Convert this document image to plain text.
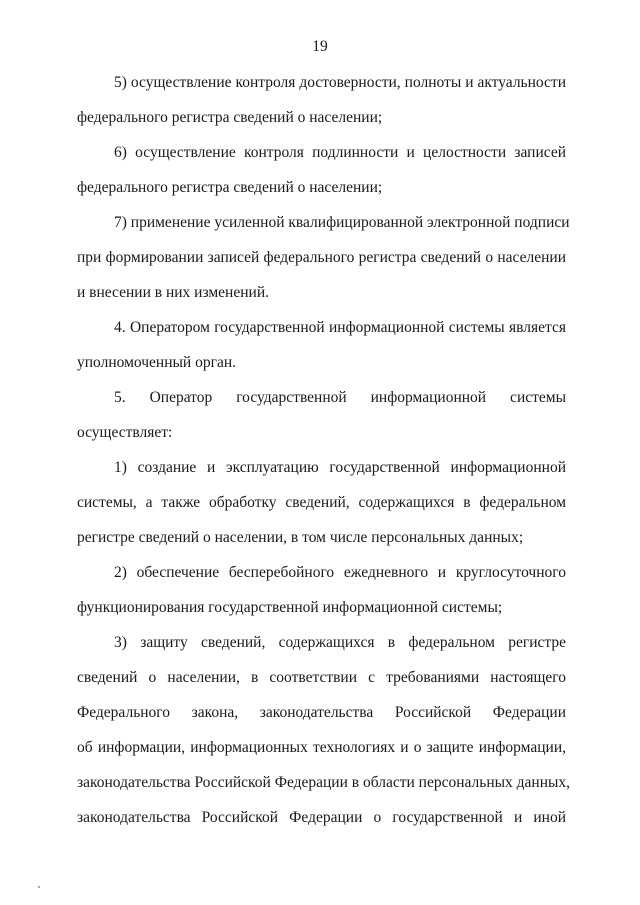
19
5) осуществление контроля достоверности, полноты и актуальности
федерального регистра сведений о населении;
6) осуществление контроля подлинности и целостности записей
федерального регистра сведений о населении;
7) применение усиленной квалифицированной электронной подписи
при формировании записей федерального регистра сведений о населении
и внесении в них изменений.
4. Оператором государственной информационной системы является
уполномоченный орган.
5. Оператор государственной информационной системы
осуществляет:
1) создание и эксплуатацию государственной информационной
системы, а также обработку сведений, содержащихся в федеральном
регистре сведений о населении, в том числе персональных данных;
2) обеспечение бесперебойного ежедневного и круглосуточного
функционирования государственной информационной системы;
3) защиту сведений, содержащихся в федеральном регистре
сведений о населении, в соответствии с требованиями настоящего
Федерального закона, законодательства Российской Федерации
об информации, информационных технологиях и о защите информации,
законодательства Российской Федерации в области персональных данных,
законодательства Российской Федерации о государственной и иной
